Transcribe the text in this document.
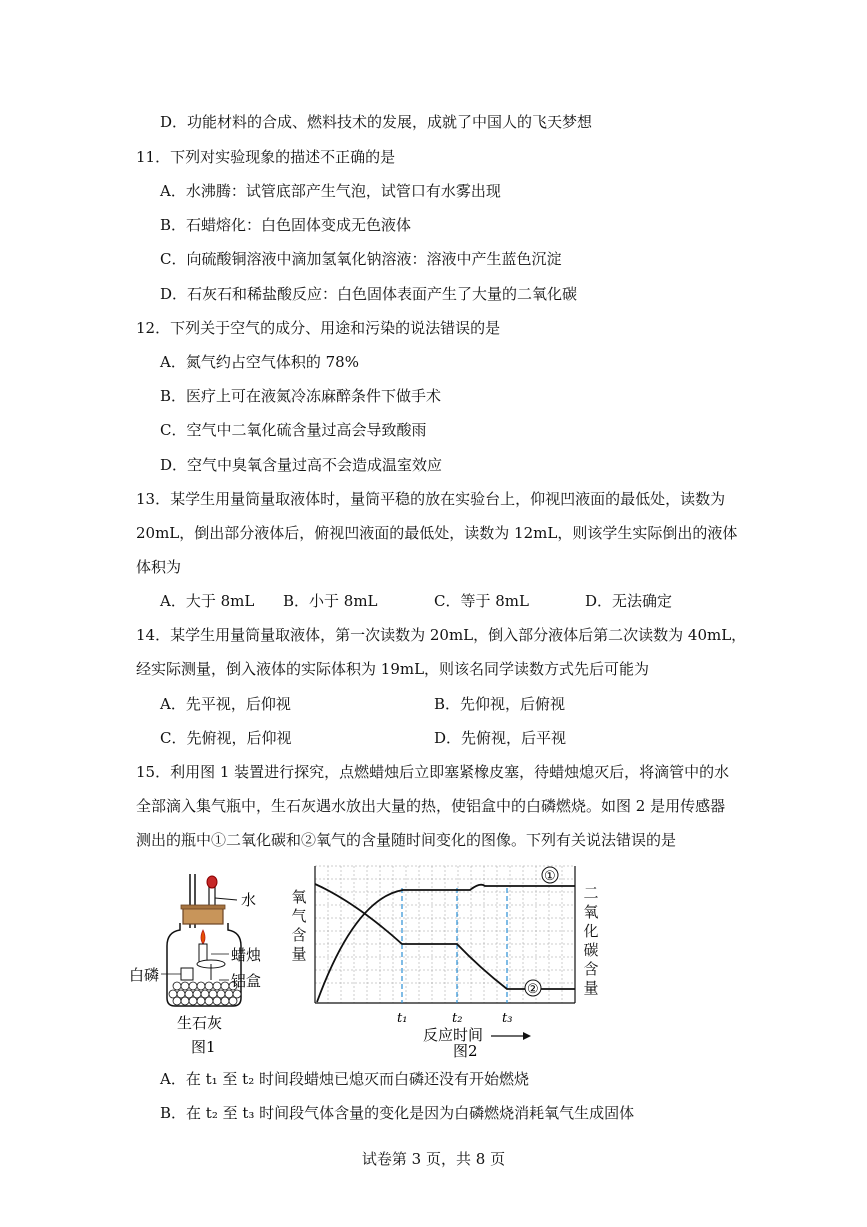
D．功能材料的合成、燃料技术的发展，成就了中国人的飞天梦想
11．下列对实验现象的描述不正确的是
A．水沸腾：试管底部产生气泡，试管口有水雾出现
B．石蜡熔化：白色固体变成无色液体
C．向硫酸铜溶液中滴加氢氧化钠溶液：溶液中产生蓝色沉淀
D．石灰石和稀盐酸反应：白色固体表面产生了大量的二氧化碳
12．下列关于空气的成分、用途和污染的说法错误的是
A．氮气约占空气体积的 78%
B．医疗上可在液氮冷冻麻醉条件下做手术
C．空气中二氧化硫含量过高会导致酸雨
D．空气中臭氧含量过高不会造成温室效应
13．某学生用量筒量取液体时，量筒平稳的放在实验台上，仰视凹液面的最低处，读数为
20mL，倒出部分液体后，俯视凹液面的最低处，读数为 12mL，则该学生实际倒出的液体
体积为
A．大于 8mL B．小于 8mL	C．等于 8mL	D．无法确定
14．某学生用量筒量取液体，第一次读数为 20mL，倒入部分液体后第二次读数为 40mL，
经实际测量，倒入液体的实际体积为 19mL，则该名同学读数方式先后可能为
A．先平视，后仰视	B．先仰视，后俯视
C．先俯视，后仰视	D．先俯视，后平视
15．利用图 1 装置进行探究，点燃蜡烛后立即塞紧橡皮塞，待蜡烛熄灭后，将滴管中的水
全部滴入集气瓶中，生石灰遇水放出大量的热，使铝盒中的白磷燃烧。如图 2 是用传感器
测出的瓶中①二氧化碳和②氧气的含量随时间变化的图像。下列有关说法错误的是
水
蜡烛
白磷	铝盒
生石灰
图1
①
②
t₁	t₂	t₃
反应时间
图2
氧
气
含
量
二
氧
化
碳
含
量
A．在 t₁ 至 t₂ 时间段蜡烛已熄灭而白磷还没有开始燃烧
B．在 t₂ 至 t₃ 时间段气体含量的变化是因为白磷燃烧消耗氧气生成固体
试卷第 3 页，共 8 页
